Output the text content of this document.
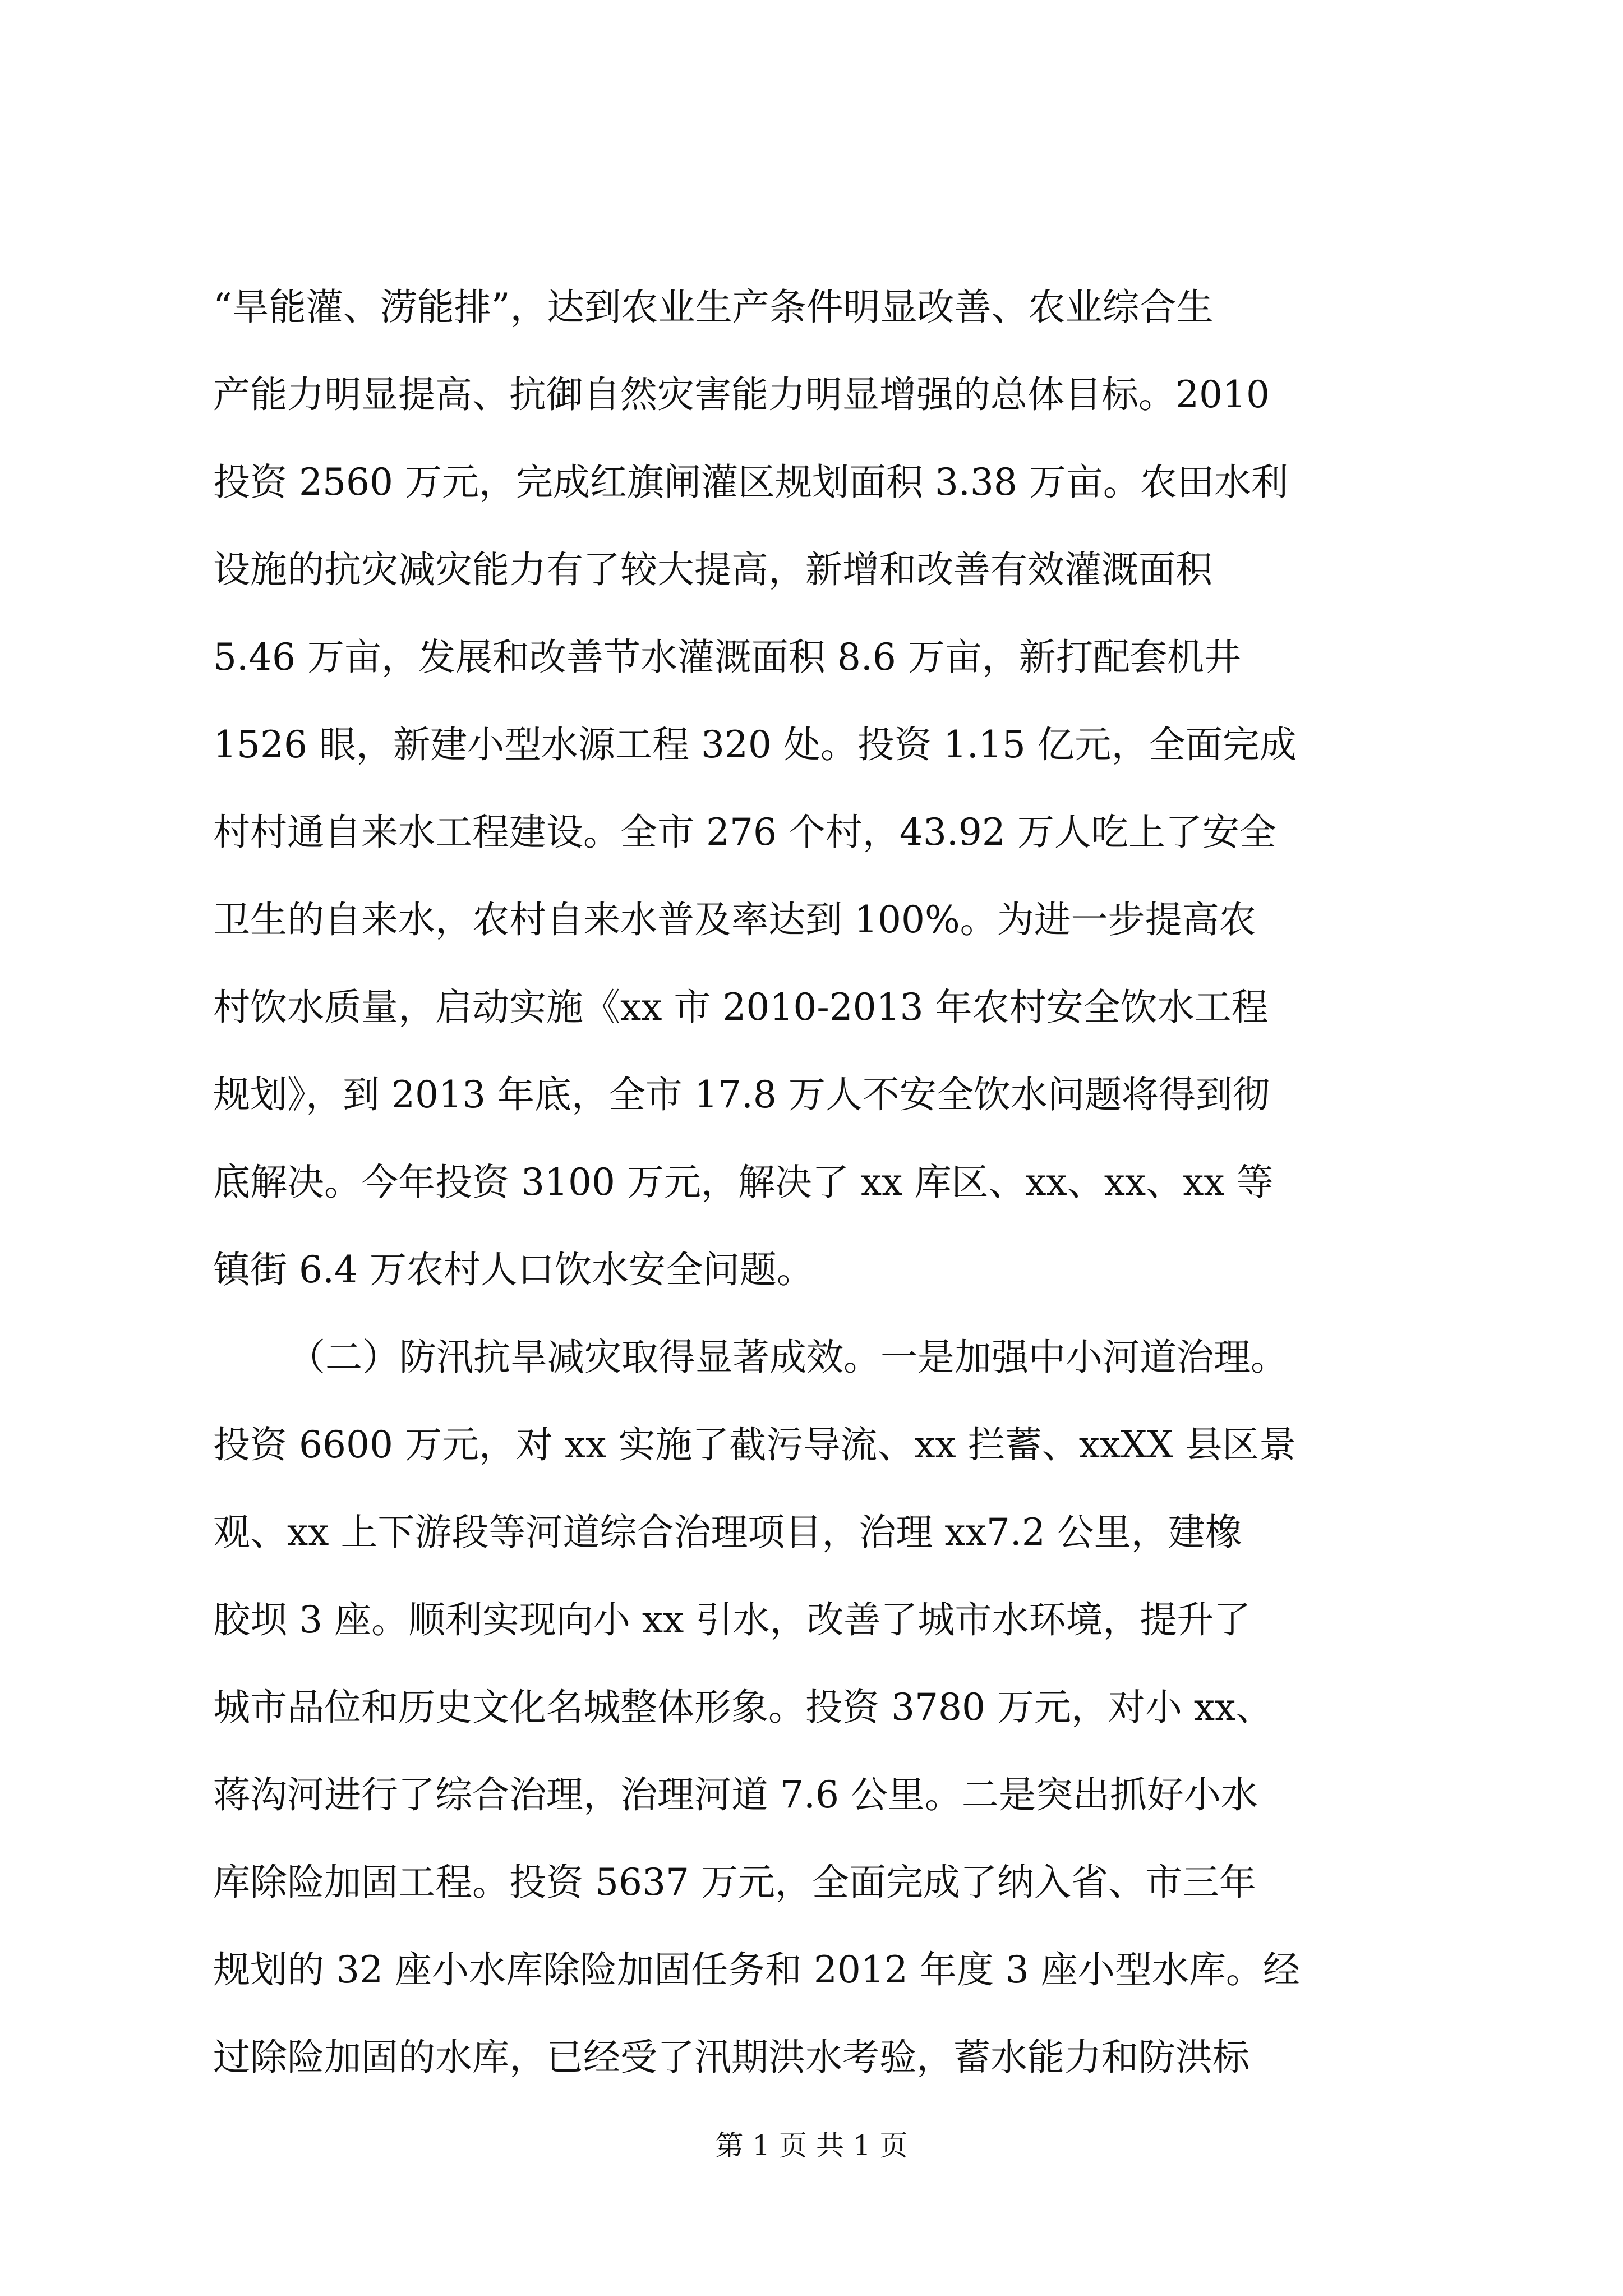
“旱能灌、涝能排”，达到农业生产条件明显改善、农业综合生
产能力明显提高、抗御自然灾害能力明显增强的总体目标。2010
投资 2560 万元，完成红旗闸灌区规划面积 3.38 万亩。农田水利
设施的抗灾减灾能力有了较大提高，新增和改善有效灌溉面积
5.46 万亩，发展和改善节水灌溉面积 8.6 万亩，新打配套机井
1526 眼，新建小型水源工程 320 处。投资 1.15 亿元，全面完成
村村通自来水工程建设。全市 276 个村，43.92 万人吃上了安全
卫生的自来水，农村自来水普及率达到 100%。为进一步提高农
村饮水质量，启动实施《xx 市 2010-2013 年农村安全饮水工程
规划》，到 2013 年底，全市 17.8 万人不安全饮水问题将得到彻
底解决。今年投资 3100 万元，解决了 xx 库区、xx、xx、xx 等
镇街 6.4 万农村人口饮水安全问题。
（二）防汛抗旱减灾取得显著成效。一是加强中小河道治理。
投资 6600 万元，对 xx 实施了截污导流、xx 拦蓄、xxXX 县区景
观、xx 上下游段等河道综合治理项目，治理 xx7.2 公里，建橡
胶坝 3 座。顺利实现向小 xx 引水，改善了城市水环境，提升了
城市品位和历史文化名城整体形象。投资 3780 万元，对小 xx、
蒋沟河进行了综合治理，治理河道 7.6 公里。二是突出抓好小水
库除险加固工程。投资 5637 万元，全面完成了纳入省、市三年
规划的 32 座小水库除险加固任务和 2012 年度 3 座小型水库。经
过除险加固的水库，已经受了汛期洪水考验，蓄水能力和防洪标
第 1 页 共 1 页
